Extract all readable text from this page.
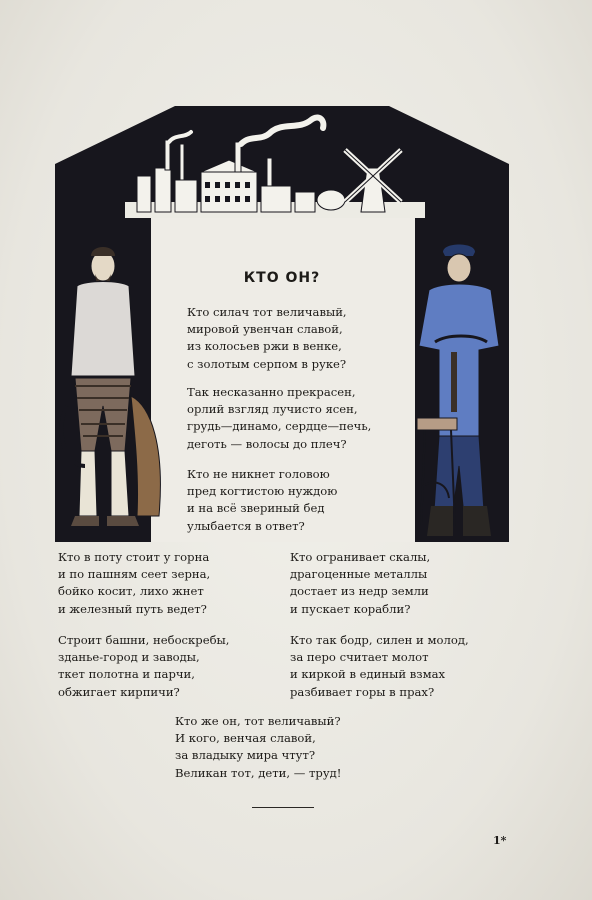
КТО ОН?
Кто силач тот величавый,
мировой увенчан славой,
из колосьев ржи в венке,
с золотым серпом в руке?
Так несказанно прекрасен,
орлий взгляд лучисто ясен,
грудь—динамо, сердце—печь,
деготь — волосы до плеч?
Кто не никнет головою
пред когтистою нуждою
и на всё звериный бед
улыбается в ответ?
Кто в поту стоит у горна
и по пашням сеет зерна,
бойко косит, лихо жнет
и железный путь ведет?
Кто огранивает скалы,
драгоценные металлы
достает из недр земли
и пускает корабли?
Строит башни, небоскребы,
зданье-город и заводы,
ткет полотна и парчи,
обжигает кирпичи?
Кто так бодр, силен и молод,
за перо считает молот
и киркой в единый взмах
разбивает горы в прах?
Кто же он, тот величавый?
И кого, венчая славой,
за владыку мира чтут?
Великан тот, дети, — труд!
1*
